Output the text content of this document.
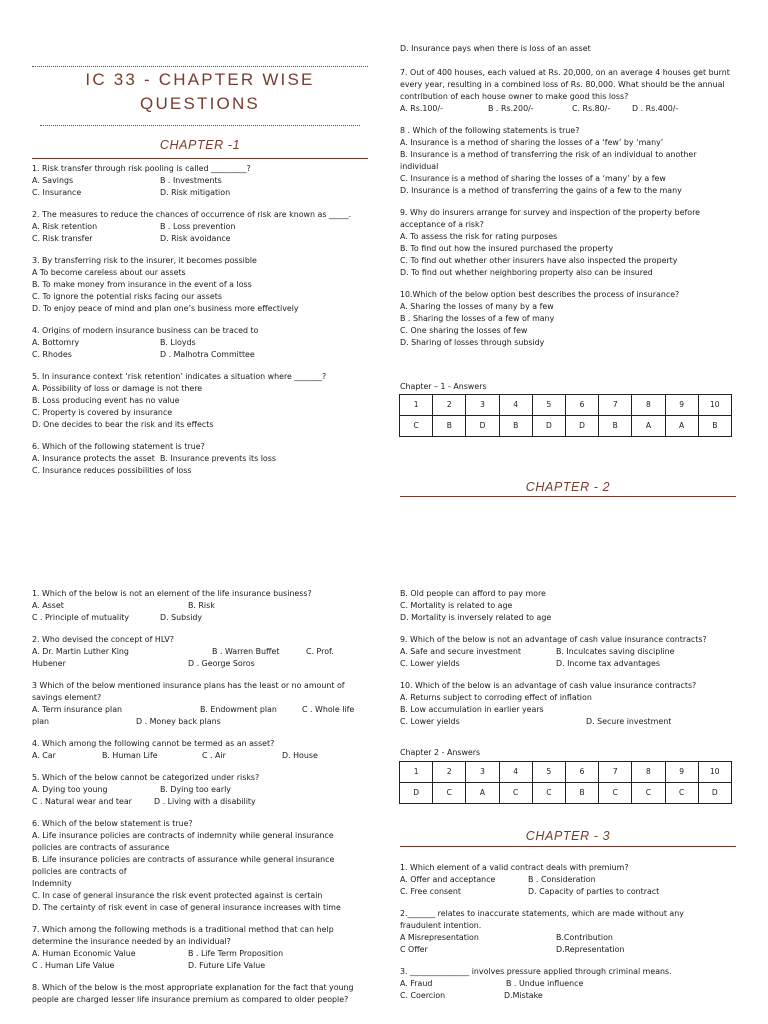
IC 33 - CHAPTER WISE
QUESTIONS
CHAPTER -1
1. Risk transfer through risk pooling is called _________?
A. Savings	B . Investments
C. Insurance	D. Risk mitigation
2. The measures to reduce the chances of occurrence of risk are known as _____.
A. Risk retention	B . Loss prevention
C. Risk transfer	D. Risk avoidance
3. By transferring risk to the insurer, it becomes possible
A To become careless about our assets
B. To make money from insurance in the event of a loss
C. To ignore the potential risks facing our assets
D. To enjoy peace of mind and plan one’s business more effectively
4. Origins of modern insurance business can be traced to
A. Bottomry	B. Lloyds
C. Rhodes	D . Malhotra Committee
5. In insurance context ‘risk retention’ indicates a situation where _______?
A. Possibility of loss or damage is not there
B. Loss producing event has no value
C. Property is covered by insurance
D. One decides to bear the risk and its effects
6. Which of the following statement is true?
A. Insurance protects the asset B. Insurance prevents its loss
C. Insurance reduces possibilities of loss
D. Insurance pays when there is loss of an asset
7. Out of 400 houses, each valued at Rs. 20,000, on an average 4 houses get burnt
every year, resulting in a combined loss of Rs. 80,000. What should be the annual
contribution of each house owner to make good this loss?
A. Rs.100/-	B . Rs.200/-	C. Rs.80/-	D . Rs.400/-
8 . Which of the following statements is true?
A. Insurance is a method of sharing the losses of a ‘few’ by ‘many’
B. Insurance is a method of transferring the risk of an individual to another
individual
C. Insurance is a method of sharing the losses of a ‘many’ by a few
D. Insurance is a method of transferring the gains of a few to the many
9. Why do insurers arrange for survey and inspection of the property before
acceptance of a risk?
A. To assess the risk for rating purposes
B. To find out how the insured purchased the property
C. To find out whether other insurers have also inspected the property
D. To find out whether neighboring property also can be insured
10.Which of the below option best describes the process of insurance?
A. Sharing the losses of many by a few
B . Sharing the losses of a few of many
C. One sharing the losses of few
D. Sharing of losses through subsidy
Chapter – 1 - Answers
1	2	3	4	5	6	7	8	9	10
C	B	D	B	D	D	B	A	A	B
CHAPTER - 2
1. Which of the below is not an element of the life insurance business?
A. Asset	B. Risk
C . Principle of mutuality	D. Subsidy
2. Who devised the concept of HLV?
A. Dr. Martin Luther King	B . Warren Buffet	C. Prof.
Hubener	D . George Soros
3 Which of the below mentioned insurance plans has the least or no amount of
savings element?
A. Term insurance plan	B. Endowment plan	C . Whole life
plan	D . Money back plans
4. Which among the following cannot be termed as an asset?
A. Car	B. Human Life	C . Air	D. House
5. Which of the below cannot be categorized under risks?
A. Dying too young	B. Dying too early
C . Natural wear and tear	D . Living with a disability
6. Which of the below statement is true?
A. Life insurance policies are contracts of indemnity while general insurance
policies are contracts of assurance
B. Life insurance policies are contracts of assurance while general insurance
policies are contracts of
Indemnity
C. In case of general insurance the risk event protected against is certain
D. The certainty of risk event in case of general insurance increases with time
7. Which among the following methods is a traditional method that can help
determine the insurance needed by an individual?
A. Human Economic Value	B . Life Term Proposition
C . Human Life Value	D. Future Life Value
8. Which of the below is the most appropriate explanation for the fact that young
people are charged lesser life insurance premium as compared to older people?
B. Old people can afford to pay more
C. Mortality is related to age
D. Mortality is inversely related to age
9. Which of the below is not an advantage of cash value insurance contracts?
A. Safe and secure investment	B. Inculcates saving discipline
C. Lower yields	D. Income tax advantages
10. Which of the below is an advantage of cash value insurance contracts?
A. Returns subject to corroding effect of inflation
B. Low accumulation in earlier years
C. Lower yields	D. Secure investment
Chapter 2 - Answers
1	2	3	4	5	6	7	8	9	10
D	C	A	C	C	B	C	C	C	D
CHAPTER - 3
1. Which element of a valid contract deals with premium?
A. Offer and acceptance	B . Consideration
C. Free consent	D. Capacity of parties to contract
2._______ relates to inaccurate statements, which are made without any
fraudulent intention.
A Misrepresentation	B.Contribution
C Offer	D.Representation
3. _______________ involves pressure applied through criminal means.
A. Fraud	B . Undue influence
C. Coercion	D.Mistake
